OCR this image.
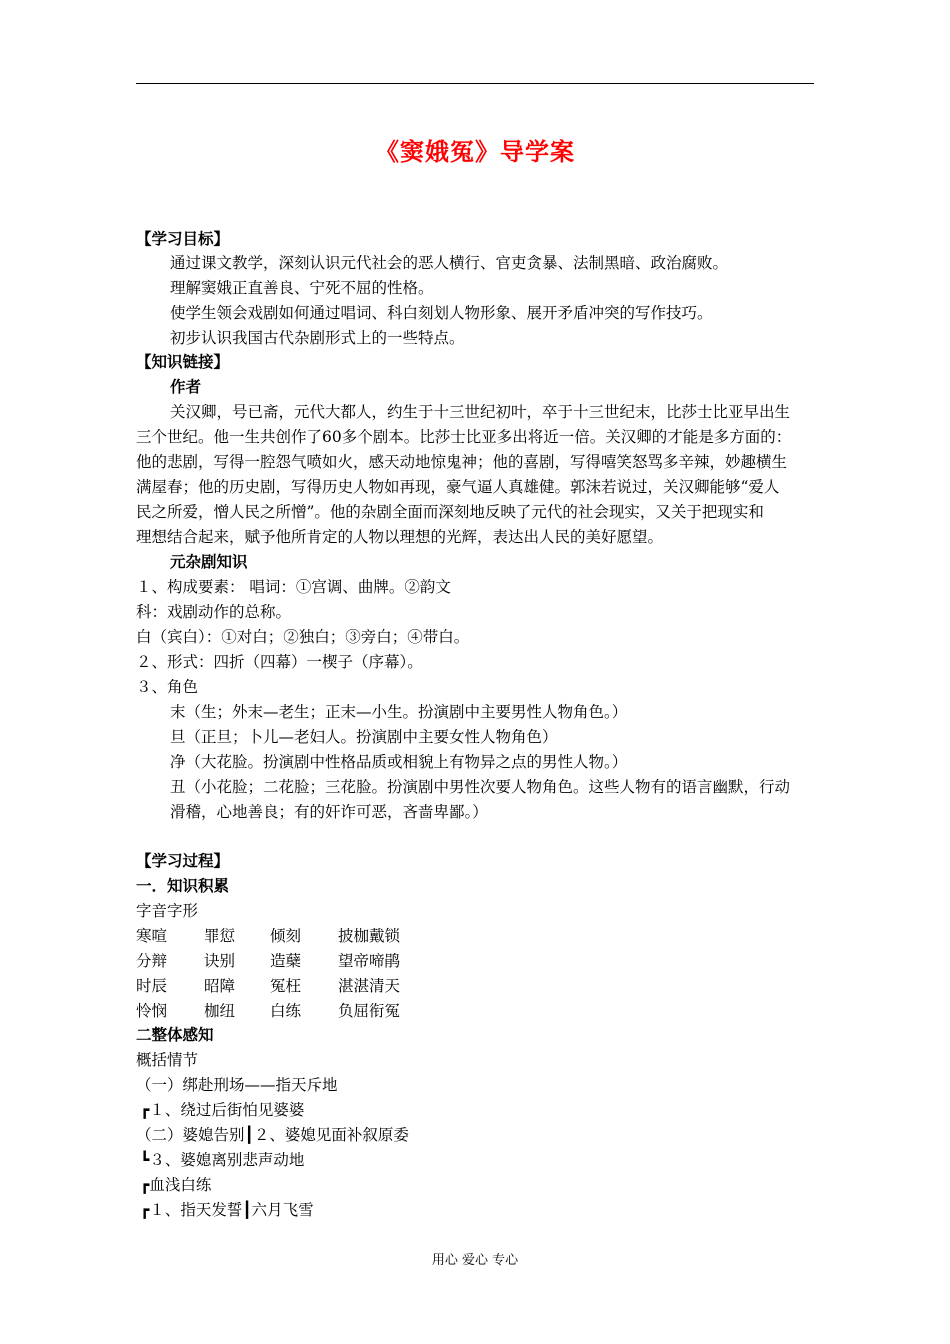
《窦娥冤》导学案
【学习目标】
通过课文教学，深刻认识元代社会的恶人横行、官吏贪暴、法制黑暗、政治腐败。
理解窦娥正直善良、宁死不屈的性格。
使学生领会戏剧如何通过唱词、科白刻划人物形象、展开矛盾冲突的写作技巧。
初步认识我国古代杂剧形式上的一些特点。
【知识链接】
作者
关汉卿，号已斋，元代大都人，约生于十三世纪初叶，卒于十三世纪末，比莎士比亚早出生
三个世纪。他一生共创作了60多个剧本。比莎士比亚多出将近一倍。关汉卿的才能是多方面的：
他的悲剧，写得一腔怨气喷如火，感天动地惊鬼神；他的喜剧，写得嘻笑怒骂多辛辣，妙趣横生
满屋春；他的历史剧，写得历史人物如再现，豪气逼人真雄健。郭沫若说过，关汉卿能够“爱人
民之所爱，憎人民之所憎”。他的杂剧全面而深刻地反映了元代的社会现实，又关于把现实和
理想结合起来，赋予他所肯定的人物以理想的光辉，表达出人民的美好愿望。
元杂剧知识
１、构成要素： 唱词：①宫调、曲牌。②韵文
科：戏剧动作的总称。
白（宾白）：①对白；②独白；③旁白；④带白。
２、形式：四折（四幕）一楔子（序幕）。
３、角色
末（生；外末—老生；正末—小生。扮演剧中主要男性人物角色。）
旦（正旦；卜儿—老妇人。扮演剧中主要女性人物角色）
净（大花脸。扮演剧中性格品质或相貌上有物异之点的男性人物。）
丑（小花脸；二花脸；三花脸。扮演剧中男性次要人物角色。这些人物有的语言幽默，行动
滑稽，心地善良；有的奸诈可恶，吝啬卑鄙。）
【学习过程】
一．知识积累
字音字形
寒喧 罪愆 倾刻 披枷戴锁
分辩 诀别 造蘖 望帝啼鹃
时辰 昭障 冤枉 湛湛清天
怜悯 枷纽 白练 负屈衔冤
二整体感知
概括情节
（一）绑赴刑场——指天斥地
┏１、绕过后街怕见婆婆
（二）婆媳告别┃２、婆媳见面补叙原委
┗３、婆媳离别悲声动地
┏血浅白练
┏１、指天发誓┃六月飞雪
用心 爱心 专心
